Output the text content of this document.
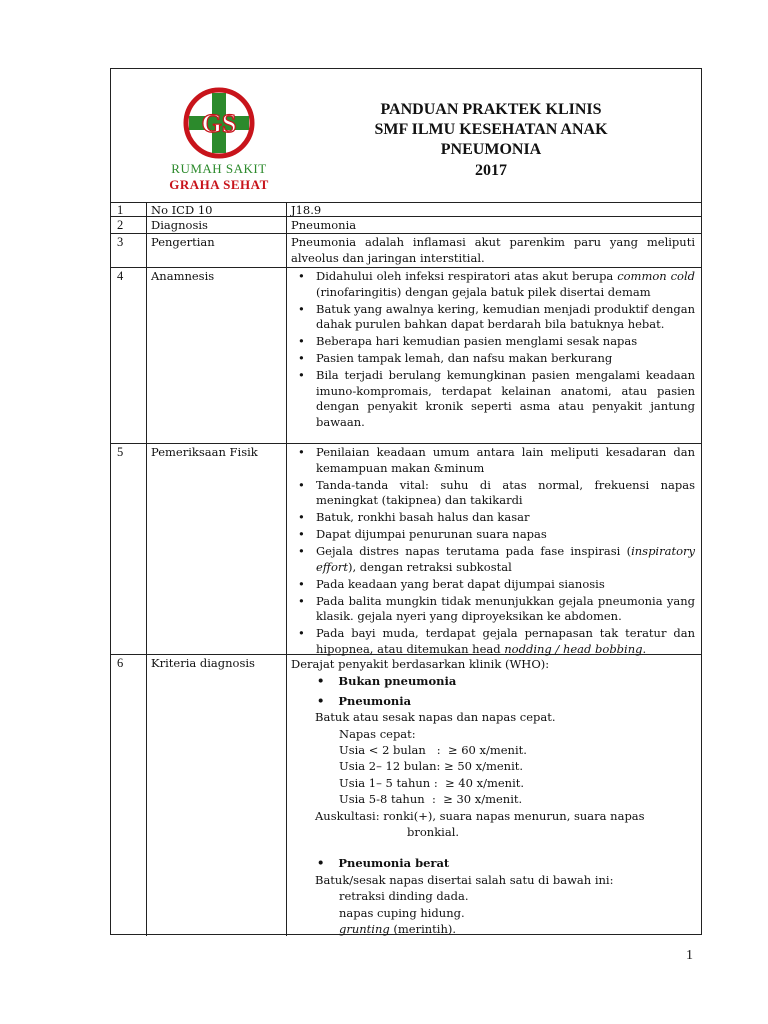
GS
RUMAH SAKIT
GRAHA SEHAT
PANDUAN PRAKTEK KLINIS
SMF ILMU KESEHATAN ANAK
PNEUMONIA
2017
1	No ICD 10	J18.9
2	Diagnosis	Pneumonia
3	Pengertian	Pneumonia adalah inflamasi akut parenkim paru yang meliputi alveolus dan jaringan interstitial.
4	Anamnesis	• Didahului oleh infeksi respiratori atas akut berupa common cold (rinofaringitis) dengan gejala batuk pilek disertai demam
• Batuk yang awalnya kering, kemudian menjadi produktif dengan dahak purulen bahkan dapat berdarah bila batuknya hebat.
• Beberapa hari kemudian pasien menglami sesak napas
• Pasien tampak lemah, dan nafsu makan berkurang
• Bila terjadi berulang kemungkinan pasien mengalami keadaan imuno-kompromais, terdapat kelainan anatomi, atau pasien dengan penyakit kronik seperti asma atau penyakit jantung bawaan.
5	Pemeriksaan Fisik	• Penilaian keadaan umum antara lain meliputi kesadaran dan kemampuan makan &minum
• Tanda-tanda vital: suhu di atas normal, frekuensi napas meningkat (takipnea) dan takikardi
• Batuk, ronkhi basah halus dan kasar
• Dapat dijumpai penurunan suara napas
• Gejala distres napas terutama pada fase inspirasi (inspiratory effort), dengan retraksi subkostal
• Pada keadaan yang berat dapat dijumpai sianosis
• Pada balita mungkin tidak menunjukkan gejala pneumonia yang klasik. gejala nyeri yang diproyeksikan ke abdomen.
• Pada bayi muda, terdapat gejala pernapasan tak teratur dan hipopnea, atau ditemukan head nodding / head bobbing.
6	Kriteria diagnosis	Derajat penyakit berdasarkan klinik (WHO):
• Bukan pneumonia
• Pneumonia
Batuk atau sesak napas dan napas cepat.
Napas cepat:
Usia < 2 bulan   :  ≥ 60 x/menit.
Usia 2– 12 bulan: ≥ 50 x/menit.
Usia 1– 5 tahun :  ≥ 40 x/menit.
Usia 5-8 tahun  :  ≥ 30 x/menit.
Auskultasi: ronki(+), suara napas menurun, suara napas
bronkial.
• Pneumonia berat
Batuk/sesak napas disertai salah satu di bawah ini:
retraksi dinding dada.
napas cuping hidung.
grunting (merintih).
1
